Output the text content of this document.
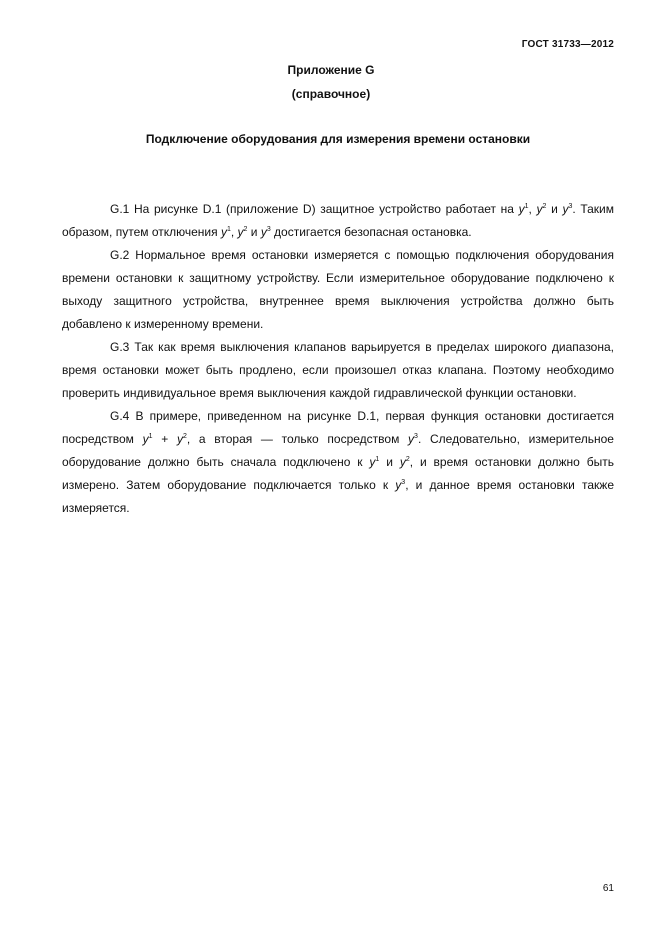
ГОСТ 31733—2012
Приложение G
(справочное)
Подключение оборудования для измерения времени остановки

G.1 На рисунке D.1 (приложение D) защитное устройство работает на $y^1$, $y^2$ и $y^3$. Таким образом, путем отключения $y^1$, $y^2$ и $y^3$ достигается безопасная остановка.

G.2 Нормальное время остановки измеряется с помощью подключения оборудования времени остановки к защитному устройству. Если измерительное оборудование подключено к выходу защитного устройства, внутреннее время выключения устройства должно быть добавлено к измеренному времени.

G.3 Так как время выключения клапанов варьируется в пределах широкого диапазона, время остановки может быть продлено, если произошел отказ клапана. Поэтому необходимо проверить индивидуальное время выключения каждой гидравлической функции остановки.

G.4 В примере, приведенном на рисунке D.1, первая функция остановки достигается посредством $y^1 + y^2$, а вторая — только посредством $y^3$. Следовательно, измерительное оборудование должно быть сначала подключено к $y^1$ и $y^2$, и время остановки должно быть измерено. Затем оборудование подключается только к $y^3$, и данное время остановки также измеряется.

61
